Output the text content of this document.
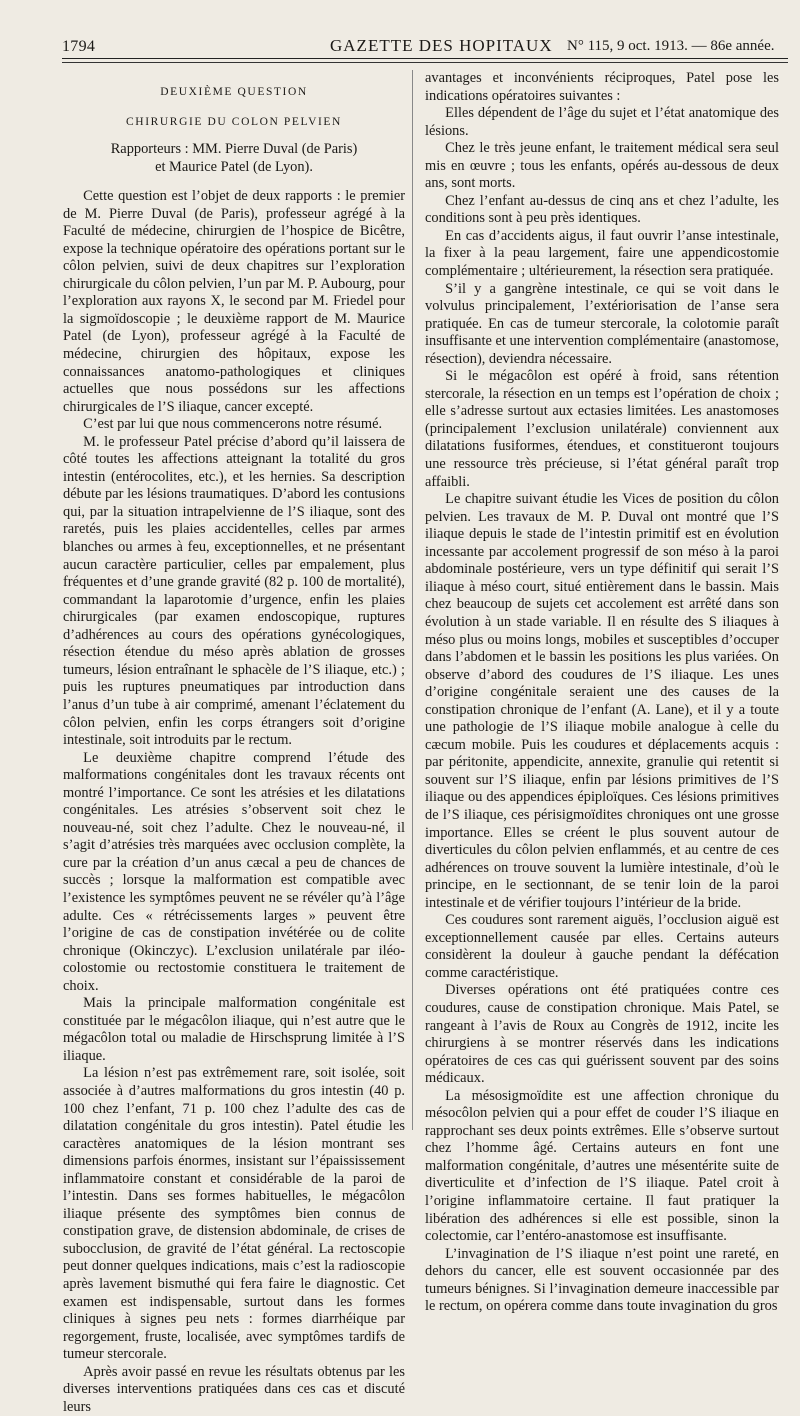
1794	GAZETTE DES HOPITAUX N° 115, 9 oct. 1913. — 86e année.
DEUXIÈME QUESTION
CHIRURGIE DU COLON PELVIEN
Rapporteurs : MM. Pierre Duval (de Paris)
et Maurice Patel (de Lyon).

Cette question est l’objet de deux rapports : le premier de M. Pierre Duval (de Paris), professeur agrégé à la Faculté de médecine, chirurgien de l’hospice de Bicêtre, expose la technique opératoire des opérations portant sur le côlon pelvien, suivi de deux chapitres sur l’exploration chirurgicale du côlon pelvien, l’un par M. P. Aubourg, pour l’exploration aux rayons X, le second par M. Friedel pour la sigmoïdoscopie ; le deuxième rapport de M. Maurice Patel (de Lyon), professeur agrégé à la Faculté de médecine, chirurgien des hôpitaux, expose les connaissances anatomo-pathologiques et cliniques actuelles que nous possédons sur les affections chirurgicales de l’S iliaque, cancer excepté.

C’est par lui que nous commencerons notre résumé.

M. le professeur Patel précise d’abord qu’il laissera de côté toutes les affections atteignant la totalité du gros intestin (entérocolites, etc.), et les hernies. Sa description débute par les lésions traumatiques. D’abord les contusions qui, par la situation intrapelvienne de l’S iliaque, sont des raretés, puis les plaies accidentelles, celles par armes blanches ou armes à feu, exceptionnelles, et ne présentant aucun caractère particulier, celles par empalement, plus fréquentes et d’une grande gravité (82 p. 100 de mortalité), commandant la laparotomie d’urgence, enfin les plaies chirurgicales (par examen endoscopique, ruptures d’adhérences au cours des opérations gynécologiques, résection étendue du méso après ablation de grosses tumeurs, lésion entraînant le sphacèle de l’S iliaque, etc.) ; puis les ruptures pneumatiques par introduction dans l’anus d’un tube à air comprimé, amenant l’éclatement du côlon pelvien, enfin les corps étrangers soit d’origine intestinale, soit introduits par le rectum.

Le deuxième chapitre comprend l’étude des malformations congénitales dont les travaux récents ont montré l’importance. Ce sont les atrésies et les dilatations congénitales. Les atrésies s’observent soit chez le nouveau-né, soit chez l’adulte. Chez le nouveau-né, il s’agit d’atrésies très marquées avec occlusion complète, la cure par la création d’un anus cæcal a peu de chances de succès ; lorsque la malformation est compatible avec l’existence les symptômes peuvent ne se révéler qu’à l’âge adulte. Ces « rétrécissements larges » peuvent être l’origine de cas de constipation invétérée ou de colite chronique (Okinczyc). L’exclusion unilatérale par iléo-colostomie ou rectostomie constituera le traitement de choix.

Mais la principale malformation congénitale est constituée par le mégacôlon iliaque, qui n’est autre que le mégacôlon total ou maladie de Hirschsprung limitée à l’S iliaque.

La lésion n’est pas extrêmement rare, soit isolée, soit associée à d’autres malformations du gros intestin (40 p. 100 chez l’enfant, 71 p. 100 chez l’adulte des cas de dilatation congénitale du gros intestin). Patel étudie les caractères anatomiques de la lésion montrant ses dimensions parfois énormes, insistant sur l’épaississement inflammatoire constant et considérable de la paroi de l’intestin. Dans ses formes habituelles, le mégacôlon iliaque présente des symptômes bien connus de constipation grave, de distension abdominale, de crises de subocclusion, de gravité de l’état général. La rectoscopie peut donner quelques indications, mais c’est la radioscopie après lavement bismuthé qui fera faire le diagnostic. Cet examen est indispensable, surtout dans les formes cliniques à signes peu nets : formes diarrhéique par regorgement, fruste, localisée, avec symptômes tardifs de tumeur stercorale.

Après avoir passé en revue les résultats obtenus par les diverses interventions pratiquées dans ces cas et discuté leurs

avantages et inconvénients réciproques, Patel pose les indications opératoires suivantes :

Elles dépendent de l’âge du sujet et l’état anatomique des lésions.

Chez le très jeune enfant, le traitement médical sera seul mis en œuvre ; tous les enfants, opérés au-dessous de deux ans, sont morts.

Chez l’enfant au-dessus de cinq ans et chez l’adulte, les conditions sont à peu près identiques.

En cas d’accidents aigus, il faut ouvrir l’anse intestinale, la fixer à la peau largement, faire une appendicostomie complémentaire ; ultérieurement, la résection sera pratiquée.

S’il y a gangrène intestinale, ce qui se voit dans le volvulus principalement, l’extériorisation de l’anse sera pratiquée. En cas de tumeur stercorale, la colotomie paraît insuffisante et une intervention complémentaire (anastomose, résection), deviendra nécessaire.

Si le mégacôlon est opéré à froid, sans rétention stercorale, la résection en un temps est l’opération de choix ; elle s’adresse surtout aux ectasies limitées. Les anastomoses (principalement l’exclusion unilatérale) conviennent aux dilatations fusiformes, étendues, et constitueront toujours une ressource très précieuse, si l’état général paraît trop affaibli.

Le chapitre suivant étudie les Vices de position du côlon pelvien. Les travaux de M. P. Duval ont montré que l’S iliaque depuis le stade de l’intestin primitif est en évolution incessante par accolement progressif de son méso à la paroi abdominale postérieure, vers un type définitif qui serait l’S iliaque à méso court, situé entièrement dans le bassin. Mais chez beaucoup de sujets cet accolement est arrêté dans son évolution à un stade variable. Il en résulte des S iliaques à méso plus ou moins longs, mobiles et susceptibles d’occuper dans l’abdomen et le bassin les positions les plus variées. On observe d’abord des coudures de l’S iliaque. Les unes d’origine congénitale seraient une des causes de la constipation chronique de l’enfant (A. Lane), et il y a toute une pathologie de l’S iliaque mobile analogue à celle du cæcum mobile. Puis les coudures et déplacements acquis : par péritonite, appendicite, annexite, granulie qui retentit si souvent sur l’S iliaque, enfin par lésions primitives de l’S iliaque ou des appendices épiploïques. Ces lésions primitives de l’S iliaque, ces périsigmoïdites chroniques ont une grosse importance. Elles se créent le plus souvent autour de diverticules du côlon pelvien enflammés, et au centre de ces adhérences on trouve souvent la lumière intestinale, d’où le principe, en le sectionnant, de se tenir loin de la paroi intestinale et de vérifier toujours l’intérieur de la bride.

Ces coudures sont rarement aiguës, l’occlusion aiguë est exceptionnellement causée par elles. Certains auteurs considèrent la douleur à gauche pendant la défécation comme caractéristique.

Diverses opérations ont été pratiquées contre ces coudures, cause de constipation chronique. Mais Patel, se rangeant à l’avis de Roux au Congrès de 1912, incite les chirurgiens à se montrer réservés dans les indications opératoires de ces cas qui guérissent souvent par des soins médicaux.

La mésosigmoïdite est une affection chronique du mésocôlon pelvien qui a pour effet de couder l’S iliaque en rapprochant ses deux points extrêmes. Elle s’observe surtout chez l’homme âgé. Certains auteurs en font une malformation congénitale, d’autres une mésentérite suite de diverticulite et d’infection de l’S iliaque. Patel croit à l’origine inflammatoire certaine. Il faut pratiquer la libération des adhérences si elle est possible, sinon la colectomie, car l’entéro-anastomose est insuffisante.

L’invagination de l’S iliaque n’est point une rareté, en dehors du cancer, elle est souvent occasionnée par des tumeurs bénignes. Si l’invagination demeure inaccessible par le rectum, on opérera comme dans toute invagination du gros
